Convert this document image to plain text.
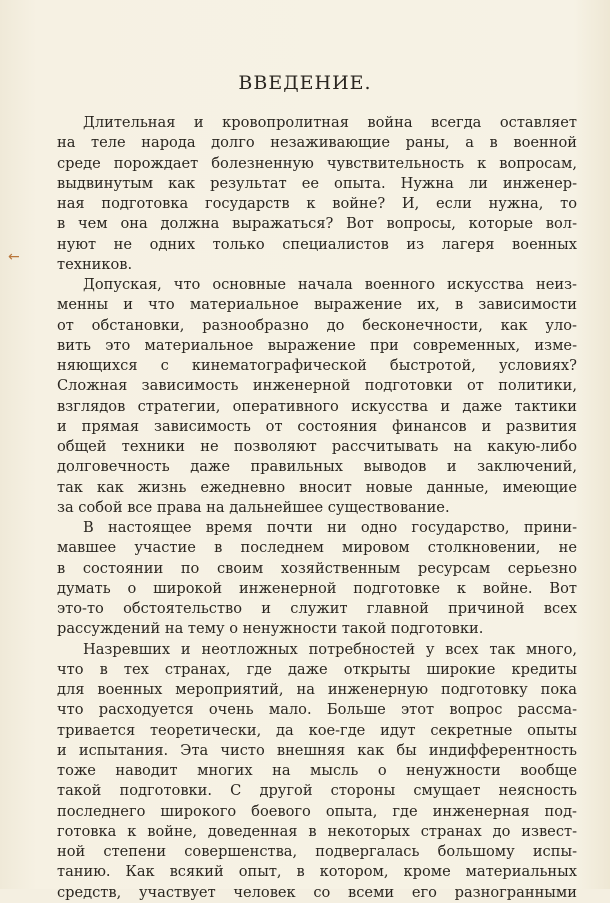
ВВЕДЕНИЕ.
←
Длительная и кровопролитная война всегда оставляет
на теле народа долго незаживающие раны, а в военной
среде порождает болезненную чувствительность к вопросам,
выдвинутым как результат ее опыта. Нужна ли инженер-
ная подготовка государств к войне? И, если нужна, то
в чем она должна выражаться? Вот вопросы, которые вол-
нуют не одних только специалистов из лагеря военных
техников.
Допуская, что основные начала военного искусства неиз-
менны и что материальное выражение их, в зависимости
от обстановки, разнообразно до бесконечности, как уло-
вить это материальное выражение при современных, изме-
няющихся с кинематографической быстротой, условиях?
Сложная зависимость инженерной подготовки от политики,
взглядов стратегии, оперативного искусства и даже тактики
и прямая зависимость от состояния финансов и развития
общей техники не позволяют рассчитывать на какую-либо
долговечность даже правильных выводов и заключений,
так как жизнь ежедневно вносит новые данные, имеющие
за собой все права на дальнейшее существование.
В настоящее время почти ни одно государство, прини-
мавшее участие в последнем мировом столкновении, не
в состоянии по своим хозяйственным ресурсам серьезно
думать о широкой инженерной подготовке к войне. Вот
это-то обстоятельство и служит главной причиной всех
рассуждений на тему о ненужности такой подготовки.
Назревших и неотложных потребностей у всех так много,
что в тех странах, где даже открыты широкие кредиты
для военных мероприятий, на инженерную подготовку пока
что расходуется очень мало. Больше этот вопрос рассма-
тривается теоретически, да кое-где идут секретные опыты
и испытания. Эта чисто внешняя как бы индифферентность
тоже наводит многих на мысль о ненужности вообще
такой подготовки. С другой стороны смущает неясность
последнего широкого боевого опыта, где инженерная под-
готовка к войне, доведенная в некоторых странах до извест-
ной степени совершенства, подвергалась большому испы-
танию. Как всякий опыт, в котором, кроме материальных
средств, участвует человек со всеми его разногранными
